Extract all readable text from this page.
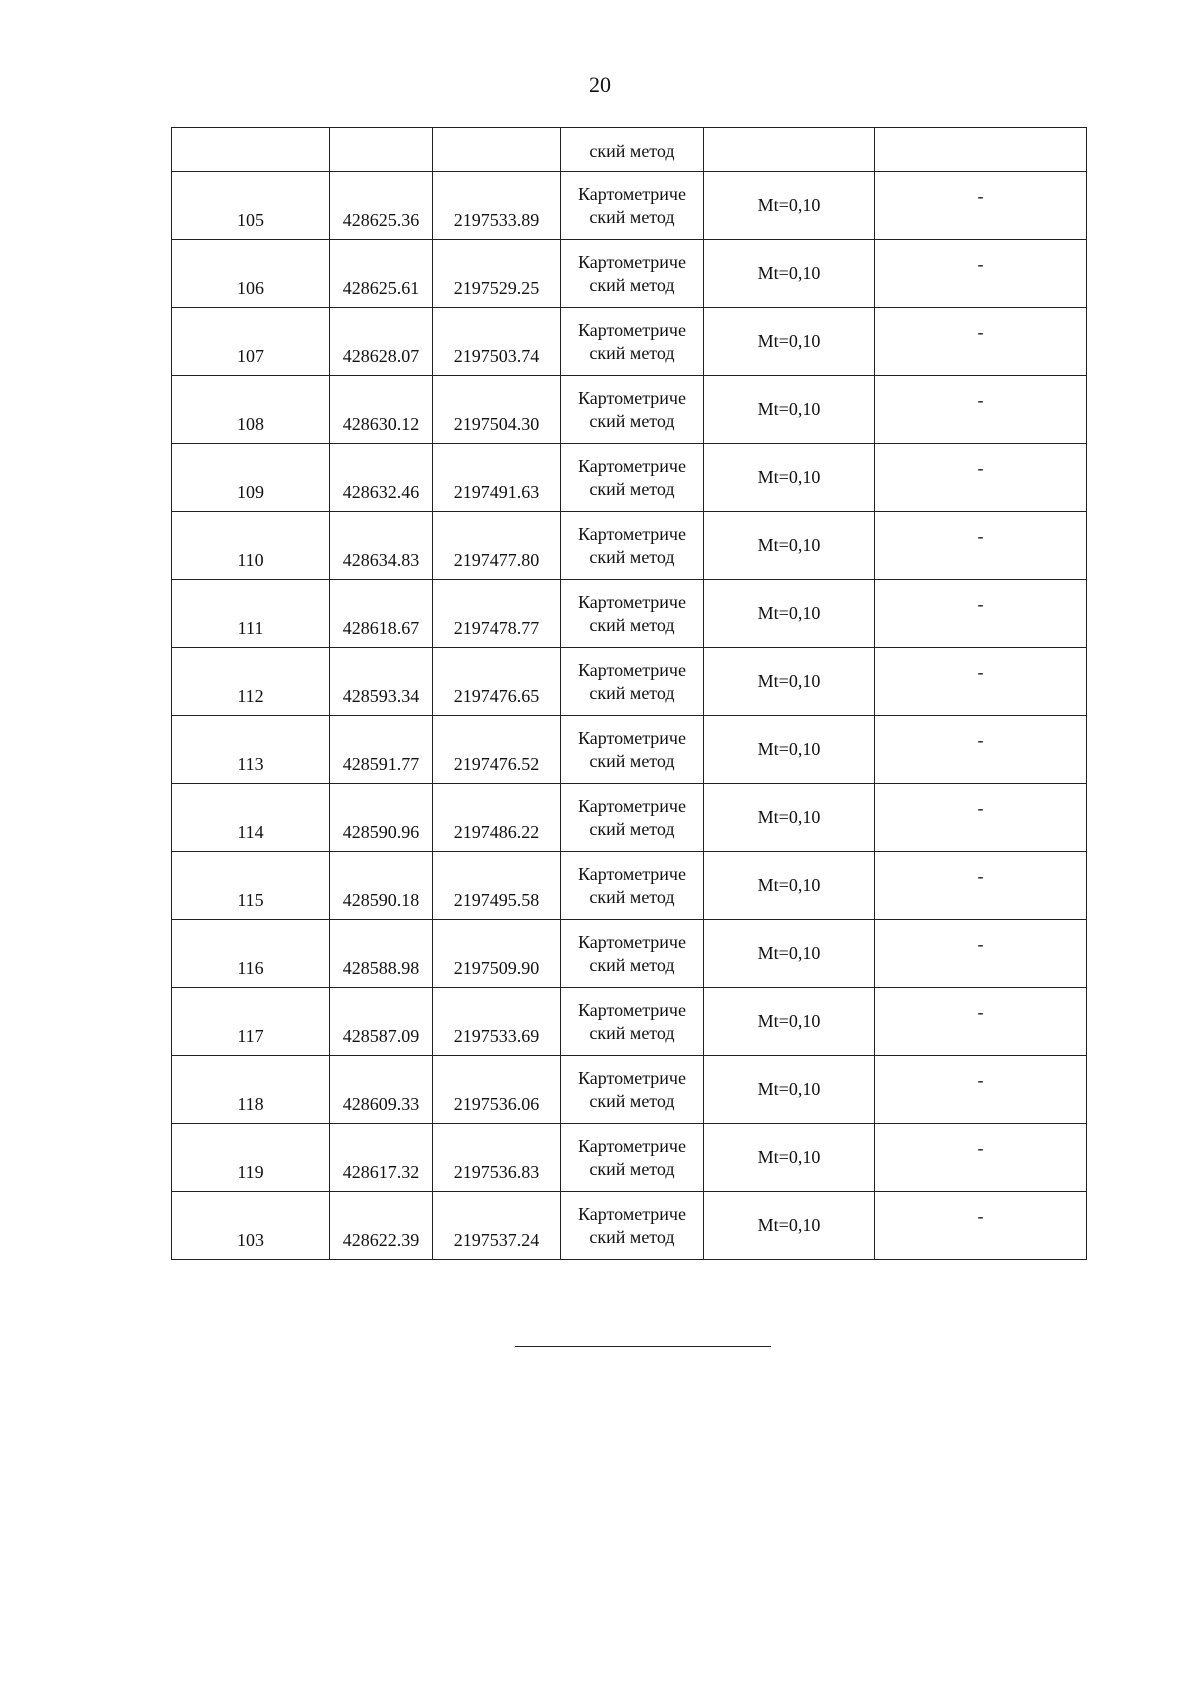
20

			ский метод		

105	428625.36	2197533.89	Картометриче
ский метод	Mt=0,10	-

106	428625.61	2197529.25	Картометриче
ский метод	Mt=0,10	-

107	428628.07	2197503.74	Картометриче
ский метод	Mt=0,10	-

108	428630.12	2197504.30	Картометриче
ский метод	Mt=0,10	-

109	428632.46	2197491.63	Картометриче
ский метод	Mt=0,10	-

110	428634.83	2197477.80	Картометриче
ский метод	Mt=0,10	-

111	428618.67	2197478.77	Картометриче
ский метод	Mt=0,10	-

112	428593.34	2197476.65	Картометриче
ский метод	Mt=0,10	-

113	428591.77	2197476.52	Картометриче
ский метод	Mt=0,10	-

114	428590.96	2197486.22	Картометриче
ский метод	Mt=0,10	-

115	428590.18	2197495.58	Картометриче
ский метод	Mt=0,10	-

116	428588.98	2197509.90	Картометриче
ский метод	Mt=0,10	-

117	428587.09	2197533.69	Картометриче
ский метод	Mt=0,10	-

118	428609.33	2197536.06	Картометриче
ский метод	Mt=0,10	-

119	428617.32	2197536.83	Картометриче
ский метод	Mt=0,10	-

103	428622.39	2197537.24	Картометриче
ский метод	Mt=0,10	-
